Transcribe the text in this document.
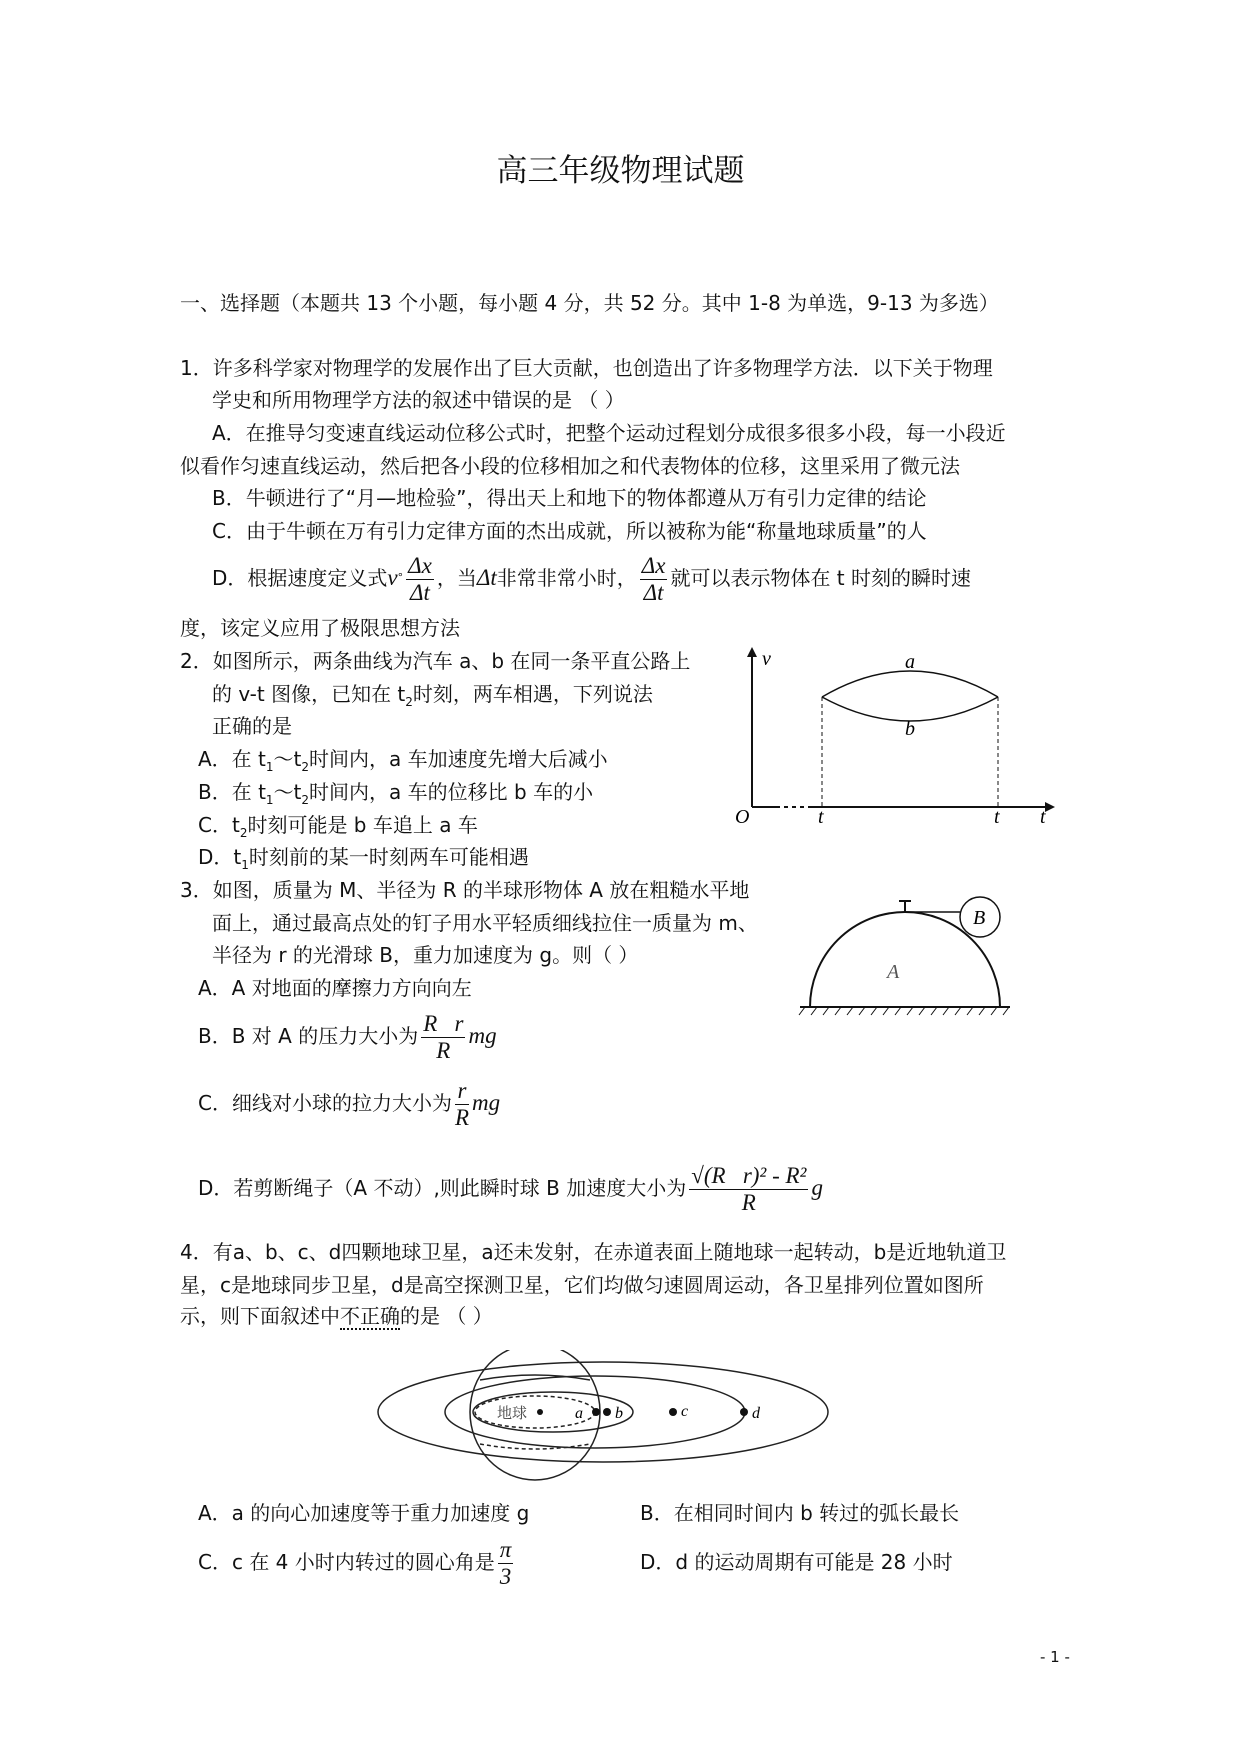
高三年级物理试题
一、选择题（本题共 13 个小题，每小题 4 分，共 52 分。其中 1-8 为单选，9-13 为多选）
1．许多科学家对物理学的发展作出了巨大贡献，也创造出了许多物理学方法．以下关于物理
学史和所用物理学方法的叙述中错误的是 （ ）
A．在推导匀变速直线运动位移公式时，把整个运动过程划分成很多很多小段，每一小段近
似看作匀速直线运动，然后把各小段的位移相加之和代表物体的位移，这里采用了微元法
B．牛顿进行了“月—地检验”，得出天上和地下的物体都遵从万有引力定律的结论
C．由于牛顿在万有引力定律方面的杰出成就，所以被称为能“称量地球质量”的人
D．根据速度定义式$v^\circ \frac{\Delta x}{\Delta t}$ ，当Δt非常非常小时， $\frac{\Delta x}{\Delta t}$ 就可以表示物体在 t 时刻的瞬时速
度，该定义应用了极限思想方法
2．如图所示，两条曲线为汽车 a、b 在同一条平直公路上
的 v-t 图像，已知在 $t_2$时刻，两车相遇，下列说法
正确的是
A．在 $t_1\sim t_2$时间内，a 车加速度先增大后减小
B．在 $t_1\sim t_2$时间内，a 车的位移比 b 车的小
C．$t_2$时刻可能是 b 车追上 a 车
D．$t_1$时刻前的某一时刻两车可能相遇
v	a
b
O	t	t t
3．如图，质量为 M、半径为 R 的半球形物体 A 放在粗糙水平地
面上，通过最高点处的钉子用水平轻质细线拉住一质量为 m、
半径为 r 的光滑球 B，重力加速度为 g。则（ ）
A．A 对地面的摩擦力方向向左
B．B 对 A 的压力大小为 $\frac{\text{R   r}}{R}$ mg
C．细线对小球的拉力大小为 $\frac{r}{R}$ mg
D．若剪断绳子（A 不动）,则此瞬时球 B 加速度大小为 $\frac{\text{√(R   r)² - R²}}{R}$ g
B
A
4．有a、b、c、d四颗地球卫星，a还未发射，在赤道表面上随地球一起转动，b是近地轨道卫
星，c是地球同步卫星，d是高空探测卫星，它们均做匀速圆周运动，各卫星排列位置如图所
示，则下面叙述中不正确的是 （ ）
地球	a b	c	d
A．a 的向心加速度等于重力加速度 g	B．在相同时间内 b 转过的弧长最长
C．c 在 4 小时内转过的圆心角是 $\frac{\pi}{3}$	D．d 的运动周期有可能是 28 小时
- 1 -
